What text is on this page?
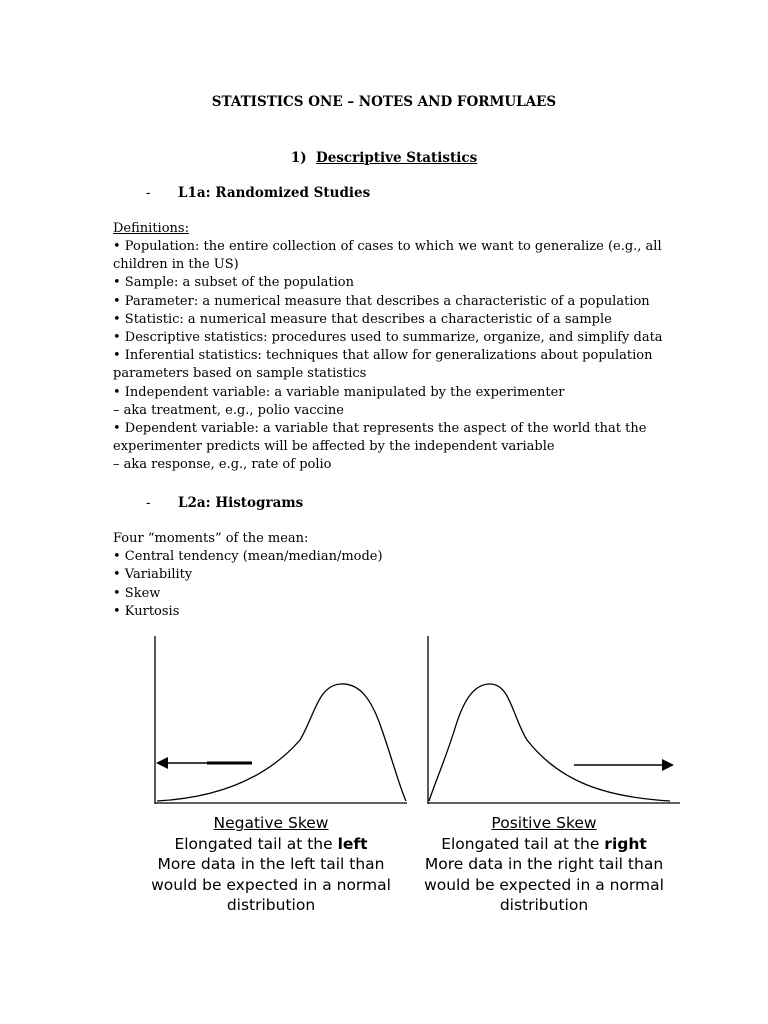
STATISTICS ONE – NOTES AND FORMULAES
1) Descriptive Statistics
- L1a: Randomized Studies
Definitions:
• Population: the entire collection of cases to which we want to generalize (e.g., all
children in the US)
• Sample: a subset of the population
• Parameter: a numerical measure that describes a characteristic of a population
• Statistic: a numerical measure that describes a characteristic of a sample
• Descriptive statistics: procedures used to summarize, organize, and simplify data
• Inferential statistics: techniques that allow for generalizations about population
parameters based on sample statistics
• Independent variable: a variable manipulated by the experimenter
– aka treatment, e.g., polio vaccine
• Dependent variable: a variable that represents the aspect of the world that the
experimenter predicts will be affected by the independent variable
– aka response, e.g., rate of polio
- L2a: Histograms
Four “moments” of the mean:
• Central tendency (mean/median/mode)
• Variability
• Skew
• Kurtosis
Negative Skew
Elongated tail at the left
More data in the left tail than
would be expected in a normal
distribution
Positive Skew
Elongated tail at the right
More data in the right tail than
would be expected in a normal
distribution
